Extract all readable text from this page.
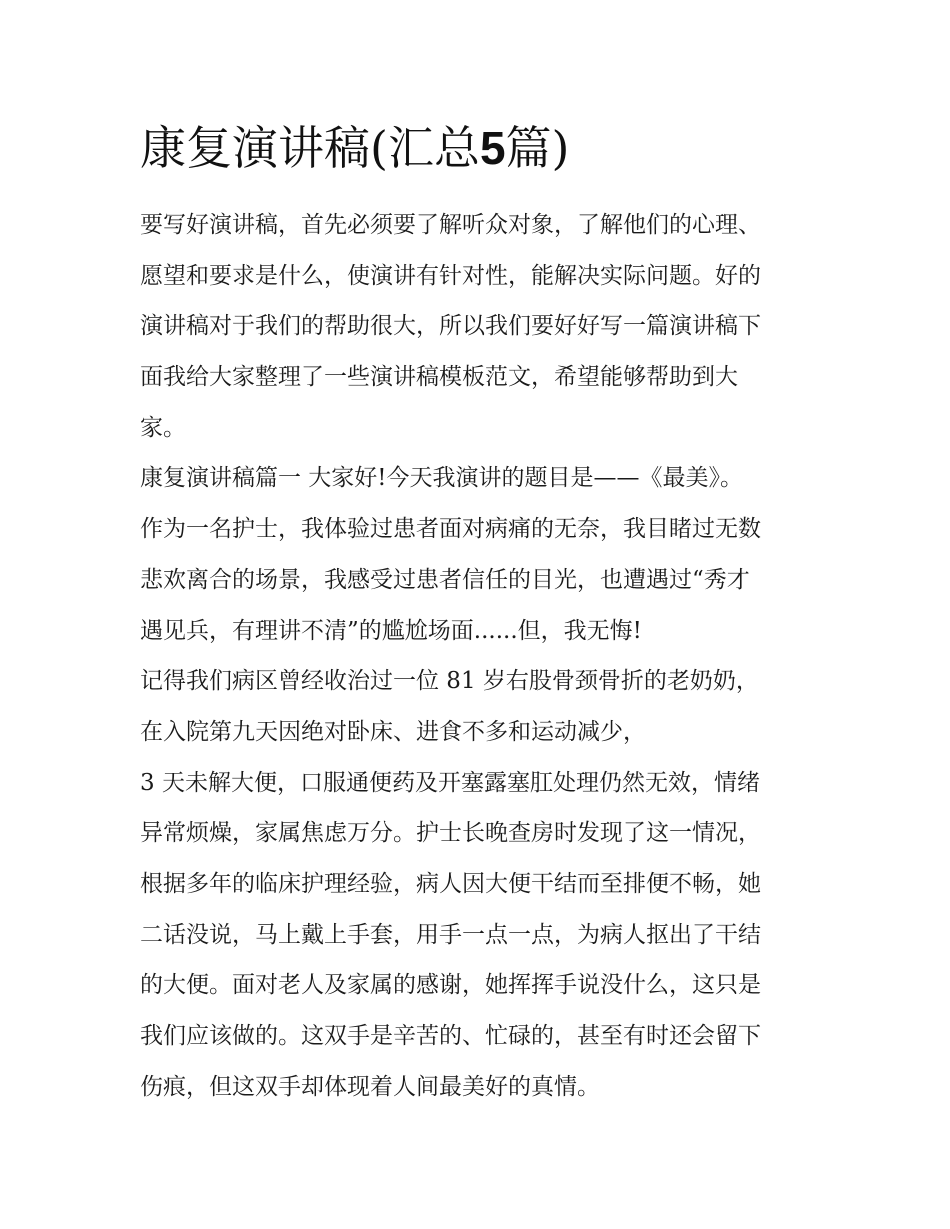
康复演讲稿(汇总5篇)
要写好演讲稿，首先必须要了解听众对象，了解他们的心理、
愿望和要求是什么，使演讲有针对性，能解决实际问题。好的
演讲稿对于我们的帮助很大，所以我们要好好写一篇演讲稿下
面我给大家整理了一些演讲稿模板范文，希望能够帮助到大
家。
康复演讲稿篇一 大家好!今天我演讲的题目是——《最美》。
作为一名护士，我体验过患者面对病痛的无奈，我目睹过无数
悲欢离合的场景，我感受过患者信任的目光，也遭遇过“秀才
遇见兵，有理讲不清”的尴尬场面......但，我无悔!
记得我们病区曾经收治过一位 81 岁右股骨颈骨折的老奶奶，
在入院第九天因绝对卧床、进食不多和运动减少，
3 天未解大便，口服通便药及开塞露塞肛处理仍然无效，情绪
异常烦燥，家属焦虑万分。护士长晚查房时发现了这一情况，
根据多年的临床护理经验，病人因大便干结而至排便不畅，她
二话没说，马上戴上手套，用手一点一点，为病人抠出了干结
的大便。面对老人及家属的感谢，她挥挥手说没什么，这只是
我们应该做的。这双手是辛苦的、忙碌的，甚至有时还会留下
伤痕，但这双手却体现着人间最美好的真情。
